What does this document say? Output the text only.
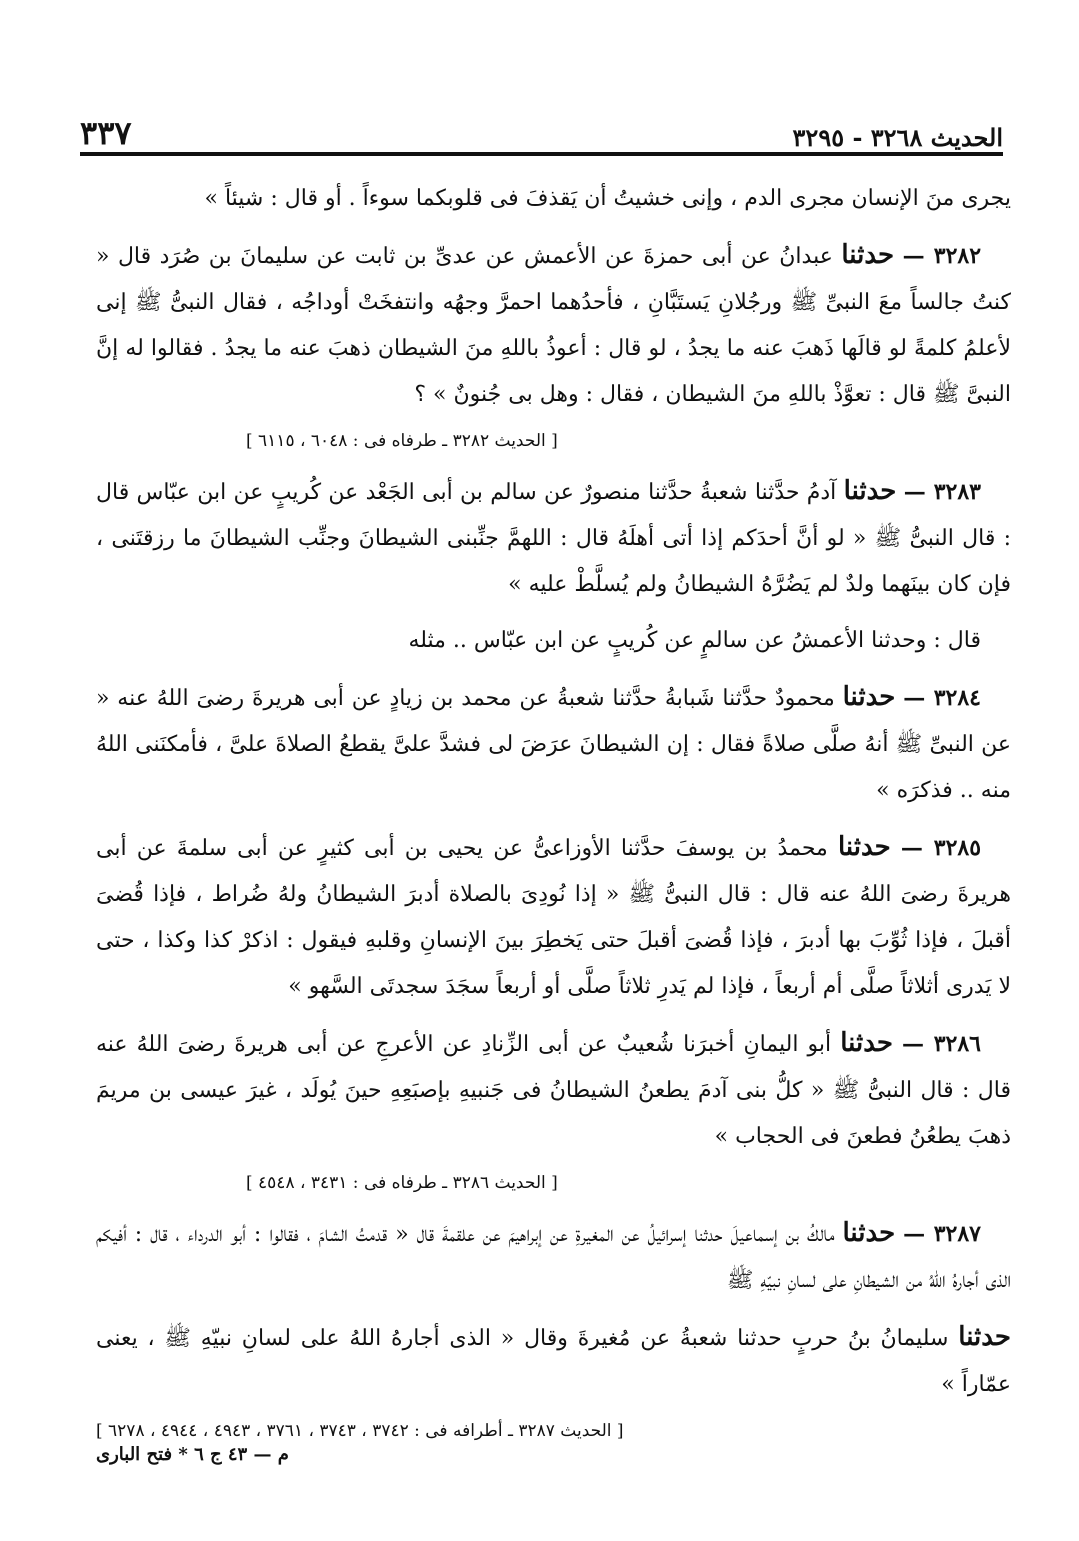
٣٣٧	الحديث ٣٢٦٨ - ٣٢٩٥

يجرى منَ الإنسان مجرى الدم ، وإنى خشيتُ أن يَقذفَ فى قلوبكما سوءاً . أو قال : شيئاً »

٣٢٨٢ — حدثنا عبدانُ عن أبى حمزةَ عن الأعمش عن عدىِّ بن ثابت عن سليمانَ بن صُرَد قال « كنتُ جالساً معَ النبىِّ ﷺ ورجُلانِ يَستَبَّانِ ، فأحدُهما احمرَّ وجهُه وانتفخَتْ أوداجُه ، فقال النبىُّ ﷺ إنى لأعلمُ كلمةً لو قالَها ذَهبَ عنه ما يجدُ ، لو قال : أعوذُ باللهِ منَ الشيطان ذهبَ عنه ما يجدُ . فقالوا له إنَّ النبىَّ ﷺ قال : تعوَّذْ باللهِ منَ الشيطان ، فقال : وهل بى جُنونٌ » ؟

[ الحديث ٣٢٨٢ ـ طرفاه فى : ٦٠٤٨ ، ٦١١٥ ]

٣٢٨٣ — حدثنا آدمُ حدَّثنا شعبةُ حدَّثنا منصورٌ عن سالم بن أبى الجَعْد عن كُريبٍ عن ابن عبّاس قال : قال النبىُّ ﷺ « لو أنَّ أحدَكم إذا أتى أهلَهُ قال : اللهمَّ جنِّبنى الشيطانَ وجنِّب الشيطانَ ما رزقتَنى ، فإن كان بينَهما ولدٌ لم يَضُرَّهُ الشيطانُ ولم يُسلَّطْ عليه »

قال : وحدثنا الأعمشُ عن سالمٍ عن كُريبٍ عن ابن عبّاس .. مثله

٣٢٨٤ — حدثنا محمودٌ حدَّثنا شَبابةُ حدَّثنا شعبةُ عن محمد بن زيادٍ عن أبى هريرةَ رضىَ اللهُ عنه « عن النبىِّ ﷺ أنهُ صلَّى صلاةً فقال : إن الشيطانَ عرَضَ لى فشدَّ علىَّ يقطعُ الصلاةَ علىَّ ، فأمكنَنى اللهُ منه .. فذكرَه »

٣٢٨٥ — حدثنا محمدُ بن يوسفَ حدَّثنا الأوزاعىُّ عن يحيى بن أبى كثيرٍ عن أبى سلمةَ عن أبى هريرةَ رضىَ اللهُ عنه قال : قال النبىُّ ﷺ « إذا نُودِىَ بالصلاة أدبرَ الشيطانُ ولهُ ضُراط ، فإذا قُضىَ أقبلَ ، فإذا ثُوِّبَ بها أدبرَ ، فإذا قُضىَ أقبلَ حتى يَخطِرَ بينَ الإنسانِ وقلبهِ فيقول : اذكرْ كذا وكذا ، حتى لا يَدرى أثلاثاً صلَّى أم أربعاً ، فإذا لم يَدرِ ثلاثاً صلَّى أو أربعاً سجَدَ سجدتَى السَّهو »

٣٢٨٦ — حدثنا أبو اليمانِ أخبرَنا شُعيبٌ عن أبى الزِّنادِ عن الأعرجِ عن أبى هريرةَ رضىَ اللهُ عنه قال : قال النبىُّ ﷺ « كلُّ بنى آدمَ يطعنُ الشيطانُ فى جَنبيهِ بإصبَعِهِ حينَ يُولَد ، غيرَ عيسى بن مريمَ ذهبَ يطعُنُ فطعنَ فى الحجاب »

[ الحديث ٣٢٨٦ ـ طرفاه فى : ٣٤٣١ ، ٤٥٤٨ ]

٣٢٨٧ — حدثنا مالكُ بن إسماعيلَ حدثنا إسرائيلُ عن المغيرةِ عن إبراهيمَ عن علقمةَ قال « قدمتُ الشامَ ، فقالوا : أبو الدرداء ، قال : أفيكم الذى أجارهُ اللهُ من الشيطانِ على لسانِ نبيّهِ ﷺ

حدثنا سليمانُ بنُ حربٍ حدثنا شعبةُ عن مُغيرةَ وقال « الذى أجارهُ اللهُ على لسانِ نبيّهِ ﷺ ، يعنى عمّاراً »

[ الحديث ٣٢٨٧ ـ أطرافه فى : ٣٧٤٢ ، ٣٧٤٣ ، ٣٧٦١ ، ٤٩٤٣ ، ٤٩٤٤ ، ٦٢٧٨ ]
م — ٤٣ ج ٦ * فتح البارى
